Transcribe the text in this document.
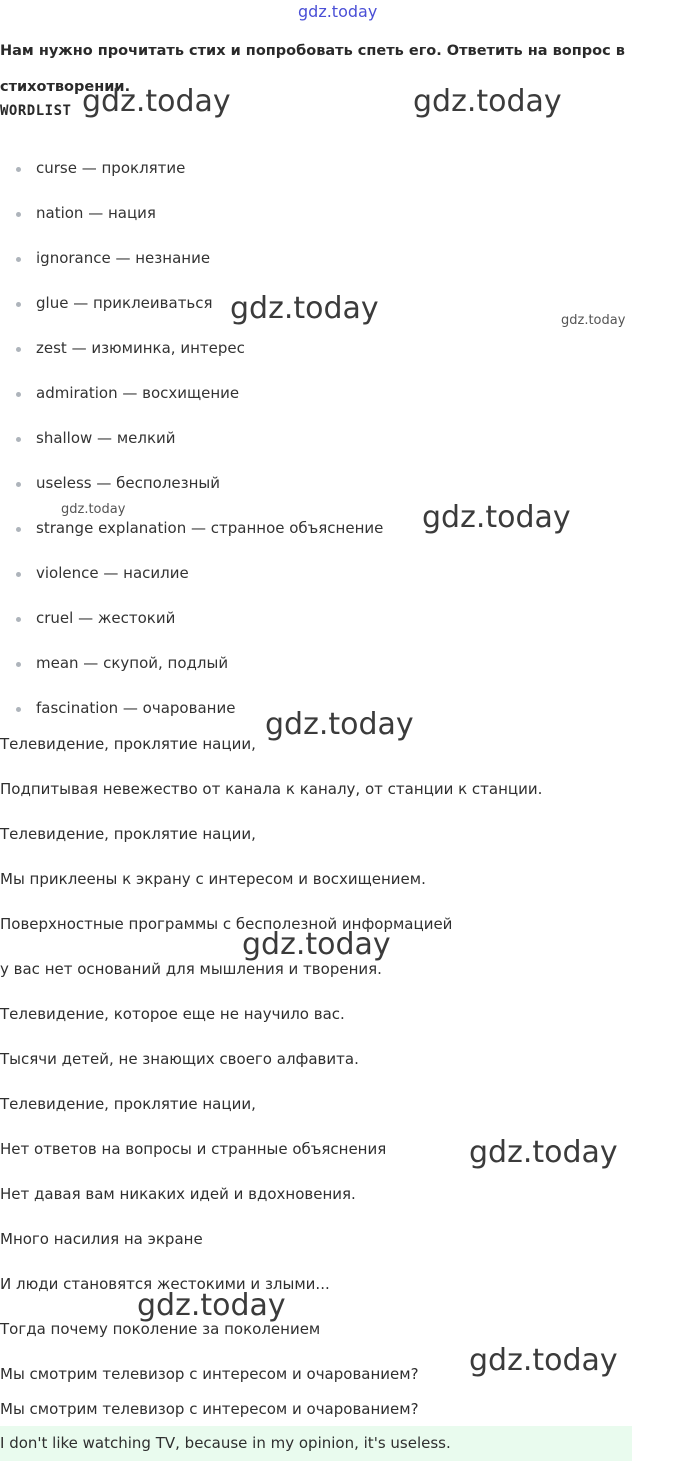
gdz.today
Нам нужно прочитать стих и попробовать спеть его. Ответить на вопрос в стихотворении.
WORDLIST
curse — проклятие
nation — нация
ignorance — незнание
glue — приклеиваться
zest — изюминка, интерес
admiration — восхищение
shallow — мелкий
useless — бесполезный
strange explanation — странное объяснение
violence — насилие
cruel — жестокий
mean — скупой, подлый
fascination — очарование
Телевидение, проклятие нации,
Подпитывая невежество от канала к каналу, от станции к станции.
Телевидение, проклятие нации,
Мы приклеены к экрану с интересом и восхищением.
Поверхностные программы с бесполезной информацией
у вас нет оснований для мышления и творения.
Телевидение, которое еще не научило вас.
Тысячи детей, не знающих своего алфавита.
Телевидение, проклятие нации,
Нет ответов на вопросы и странные объяснения
Нет давая вам никаких идей и вдохновения.
Много насилия на экране
И люди становятся жестокими и злыми...
Тогда почему поколение за поколением
Мы смотрим телевизор с интересом и очарованием?
Мы смотрим телевизор с интересом и очарованием?
I don't like watching TV, because in my opinion, it's useless.
gdz.today	gdz.today
gdz.today	gdz.today
gdz.today	gdz.today
gdz.today
gdz.today
gdz.today
gdz.today
gdz.today
